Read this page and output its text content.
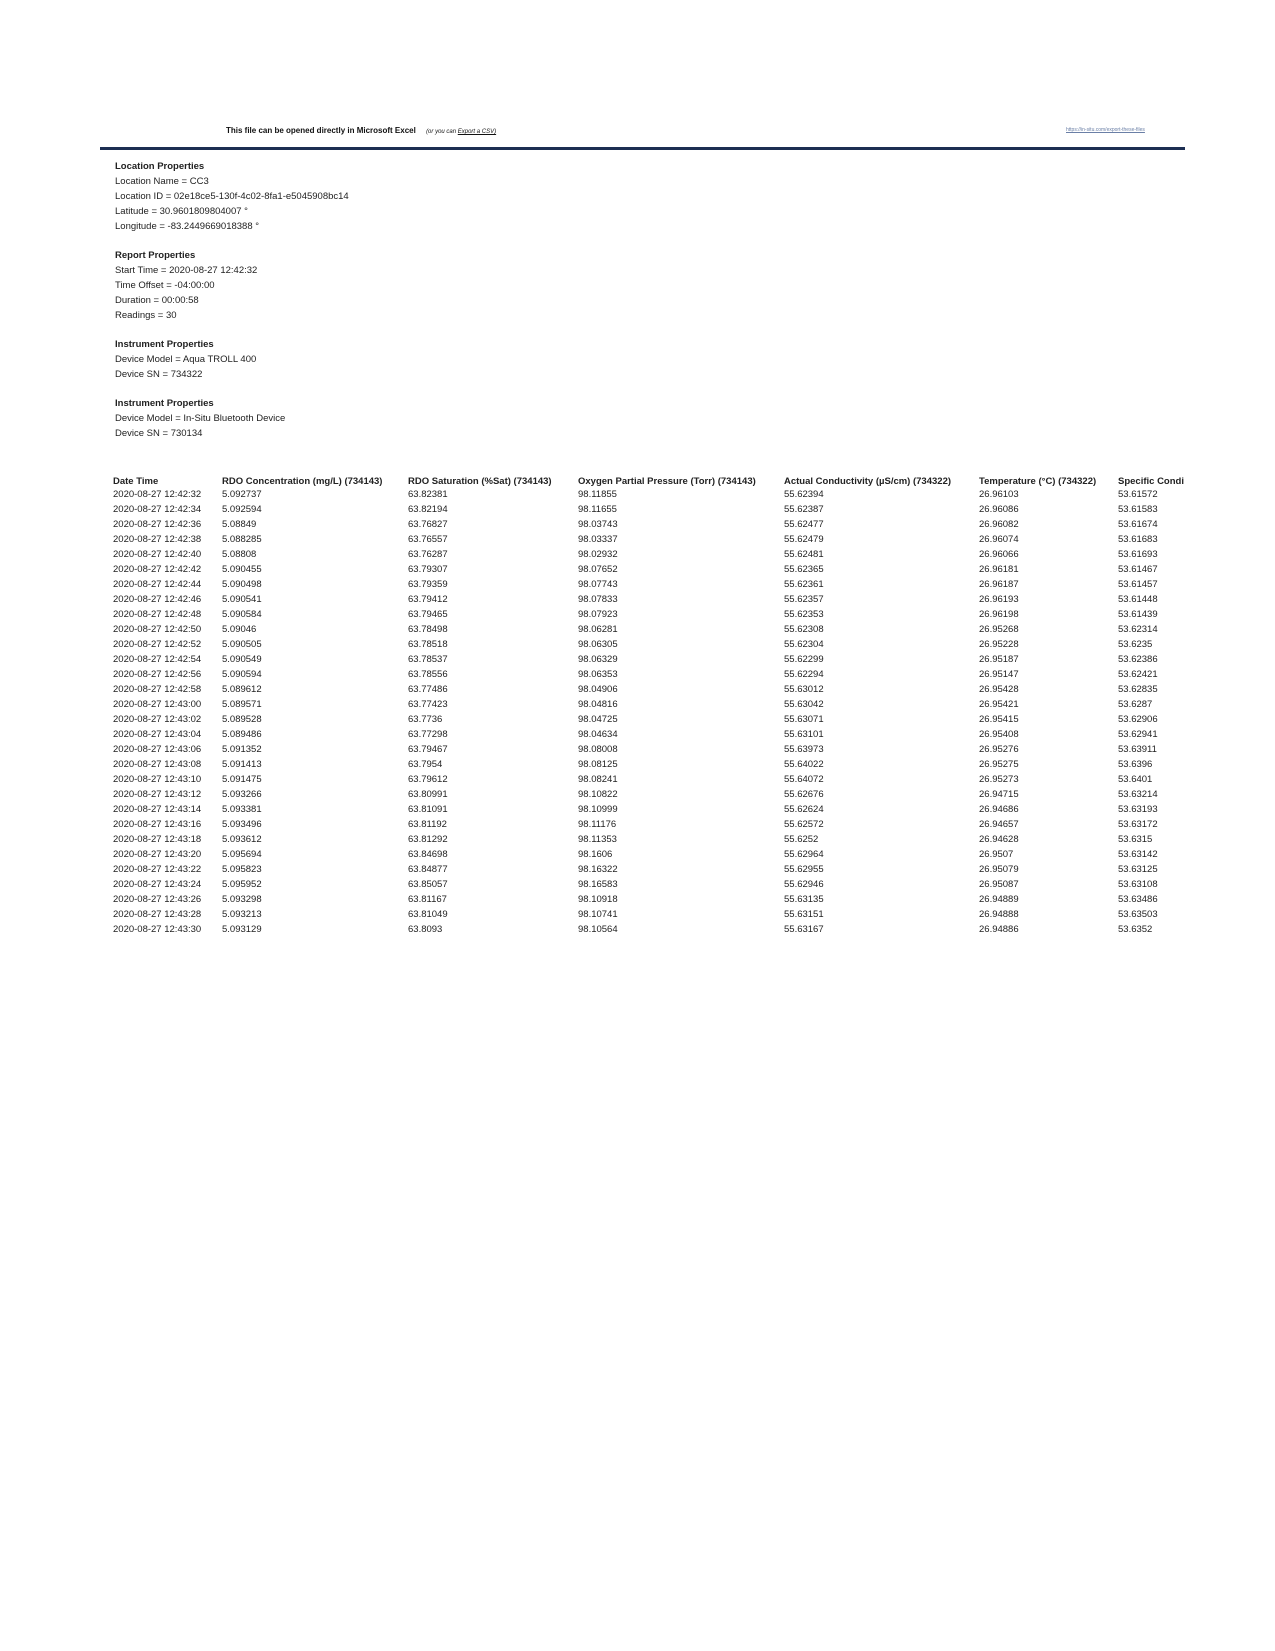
This file can be opened directly in Microsoft Excel (or you can Export a CSV)	https://in-situ.com/export-these-files
Location Properties
Location Name = CC3
Location ID = 02e18ce5-130f-4c02-8fa1-e5045908bc14
Latitude = 30.9601809804007 °
Longitude = -83.2449669018388 °
Report Properties
Start Time = 2020-08-27 12:42:32
Time Offset = -04:00:00
Duration = 00:00:58
Readings = 30
Instrument Properties
Device Model = Aqua TROLL 400
Device SN = 734322
Instrument Properties
Device Model = In-Situ Bluetooth Device
Device SN = 730134
Date Time	RDO Concentration (mg/L) (734143)	RDO Saturation (%Sat) (734143)	Oxygen Partial Pressure (Torr) (734143)	Actual Conductivity (µS/cm) (734322)	Temperature (°C) (734322)	Specific Condi
2020-08-27 12:42:32	5.092737	63.82381	98.11855	55.62394	26.96103	53.61572
2020-08-27 12:42:34	5.092594	63.82194	98.11655	55.62387	26.96086	53.61583
2020-08-27 12:42:36	5.08849	63.76827	98.03743	55.62477	26.96082	53.61674
2020-08-27 12:42:38	5.088285	63.76557	98.03337	55.62479	26.96074	53.61683
2020-08-27 12:42:40	5.08808	63.76287	98.02932	55.62481	26.96066	53.61693
2020-08-27 12:42:42	5.090455	63.79307	98.07652	55.62365	26.96181	53.61467
2020-08-27 12:42:44	5.090498	63.79359	98.07743	55.62361	26.96187	53.61457
2020-08-27 12:42:46	5.090541	63.79412	98.07833	55.62357	26.96193	53.61448
2020-08-27 12:42:48	5.090584	63.79465	98.07923	55.62353	26.96198	53.61439
2020-08-27 12:42:50	5.09046	63.78498	98.06281	55.62308	26.95268	53.62314
2020-08-27 12:42:52	5.090505	63.78518	98.06305	55.62304	26.95228	53.6235
2020-08-27 12:42:54	5.090549	63.78537	98.06329	55.62299	26.95187	53.62386
2020-08-27 12:42:56	5.090594	63.78556	98.06353	55.62294	26.95147	53.62421
2020-08-27 12:42:58	5.089612	63.77486	98.04906	55.63012	26.95428	53.62835
2020-08-27 12:43:00	5.089571	63.77423	98.04816	55.63042	26.95421	53.6287
2020-08-27 12:43:02	5.089528	63.7736	98.04725	55.63071	26.95415	53.62906
2020-08-27 12:43:04	5.089486	63.77298	98.04634	55.63101	26.95408	53.62941
2020-08-27 12:43:06	5.091352	63.79467	98.08008	55.63973	26.95276	53.63911
2020-08-27 12:43:08	5.091413	63.7954	98.08125	55.64022	26.95275	53.6396
2020-08-27 12:43:10	5.091475	63.79612	98.08241	55.64072	26.95273	53.6401
2020-08-27 12:43:12	5.093266	63.80991	98.10822	55.62676	26.94715	53.63214
2020-08-27 12:43:14	5.093381	63.81091	98.10999	55.62624	26.94686	53.63193
2020-08-27 12:43:16	5.093496	63.81192	98.11176	55.62572	26.94657	53.63172
2020-08-27 12:43:18	5.093612	63.81292	98.11353	55.6252	26.94628	53.6315
2020-08-27 12:43:20	5.095694	63.84698	98.1606	55.62964	26.9507	53.63142
2020-08-27 12:43:22	5.095823	63.84877	98.16322	55.62955	26.95079	53.63125
2020-08-27 12:43:24	5.095952	63.85057	98.16583	55.62946	26.95087	53.63108
2020-08-27 12:43:26	5.093298	63.81167	98.10918	55.63135	26.94889	53.63486
2020-08-27 12:43:28	5.093213	63.81049	98.10741	55.63151	26.94888	53.63503
2020-08-27 12:43:30	5.093129	63.8093	98.10564	55.63167	26.94886	53.6352
